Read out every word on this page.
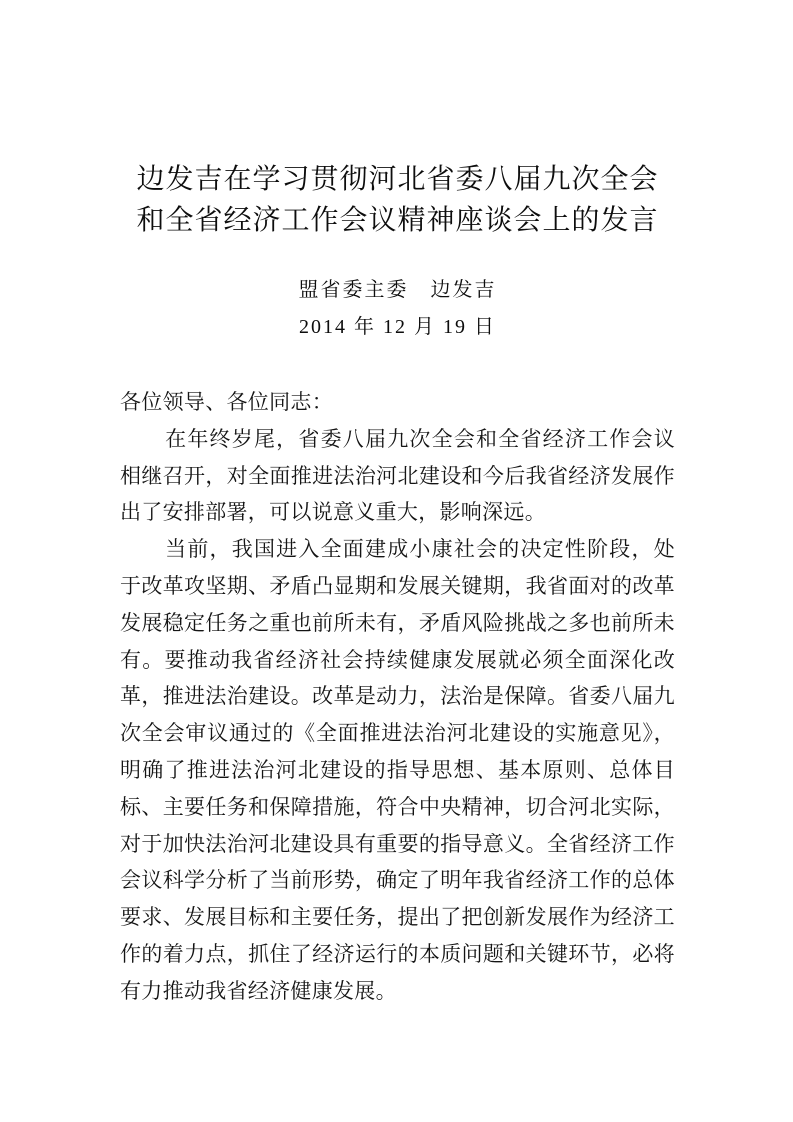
边发吉在学习贯彻河北省委八届九次全会
和全省经济工作会议精神座谈会上的发言
盟省委主委　边发吉
2014 年 12 月 19 日

各位领导、各位同志：

在年终岁尾，省委八届九次全会和全省经济工作会议相继召开，对全面推进法治河北建设和今后我省经济发展作出了安排部署，可以说意义重大，影响深远。

当前，我国进入全面建成小康社会的决定性阶段，处于改革攻坚期、矛盾凸显期和发展关键期，我省面对的改革发展稳定任务之重也前所未有，矛盾风险挑战之多也前所未有。要推动我省经济社会持续健康发展就必须全面深化改革，推进法治建设。改革是动力，法治是保障。省委八届九次全会审议通过的《全面推进法治河北建设的实施意见》，明确了推进法治河北建设的指导思想、基本原则、总体目标、主要任务和保障措施，符合中央精神，切合河北实际，对于加快法治河北建设具有重要的指导意义。全省经济工作会议科学分析了当前形势，确定了明年我省经济工作的总体要求、发展目标和主要任务，提出了把创新发展作为经济工作的着力点，抓住了经济运行的本质问题和关键环节，必将有力推动我省经济健康发展。
